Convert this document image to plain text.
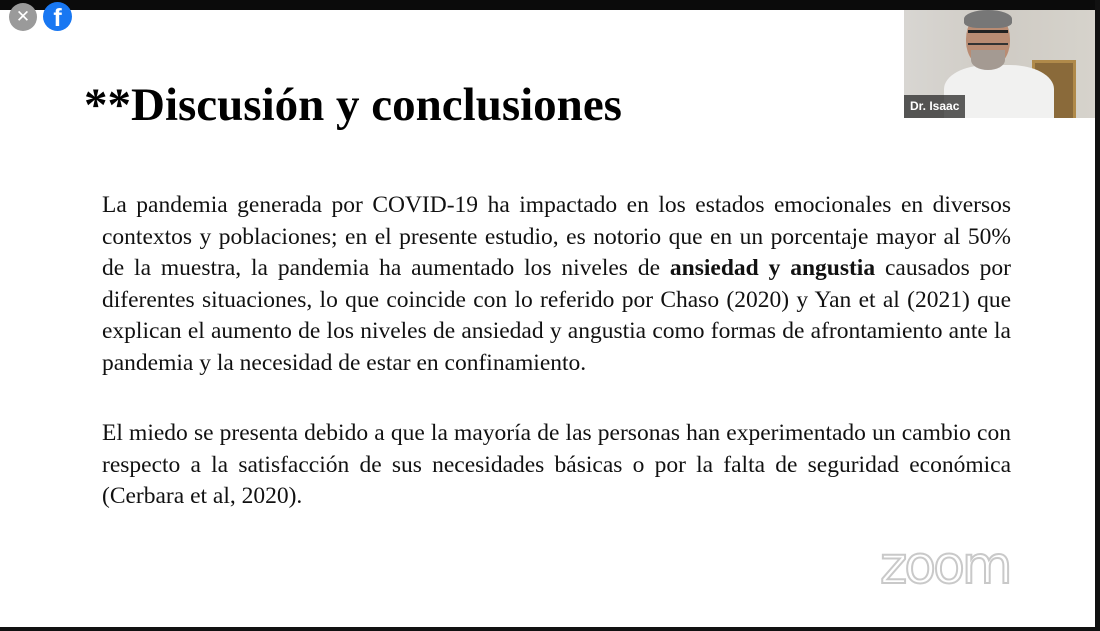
**Discusión y conclusiones

La pandemia generada por COVID-19 ha impactado en los estados emocionales en diversos contextos y poblaciones; en el presente estudio, es notorio que en un porcentaje mayor al 50% de la muestra, la pandemia ha aumentado los niveles de ansiedad y angustia causados por diferentes situaciones, lo que coincide con lo referido por Chaso (2020) y Yan et al (2021) que explican el aumento de los niveles de ansiedad y angustia como formas de afrontamiento ante la pandemia y la necesidad de estar en confinamiento.

El miedo se presenta debido a que la mayoría de las personas han experimentado un cambio con respecto a la satisfacción de sus necesidades básicas o por la falta de seguridad económica (Cerbara et al, 2020).

✕ f
Dr. Isaac
zoom
